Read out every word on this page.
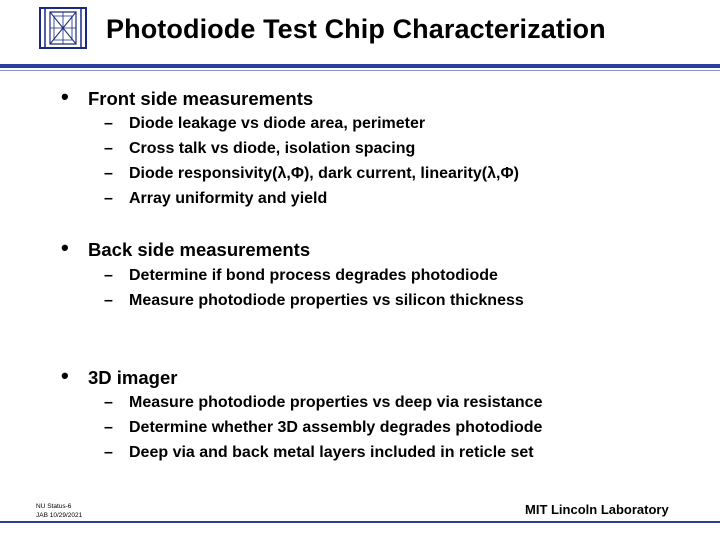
Photodiode Test Chip Characterization
• Front side measurements
– Diode leakage vs diode area, perimeter
– Cross talk vs diode, isolation spacing
– Diode responsivity(λ,Φ), dark current, linearity(λ,Φ)
– Array uniformity and yield
• Back side measurements
– Determine if bond process degrades photodiode
– Measure photodiode properties vs silicon thickness
• 3D imager
– Measure photodiode properties vs deep via resistance
– Determine whether 3D assembly degrades photodiode
– Deep via and back metal layers included in reticle set
NU Status-6
JAB 10/29/2021	MIT Lincoln Laboratory
